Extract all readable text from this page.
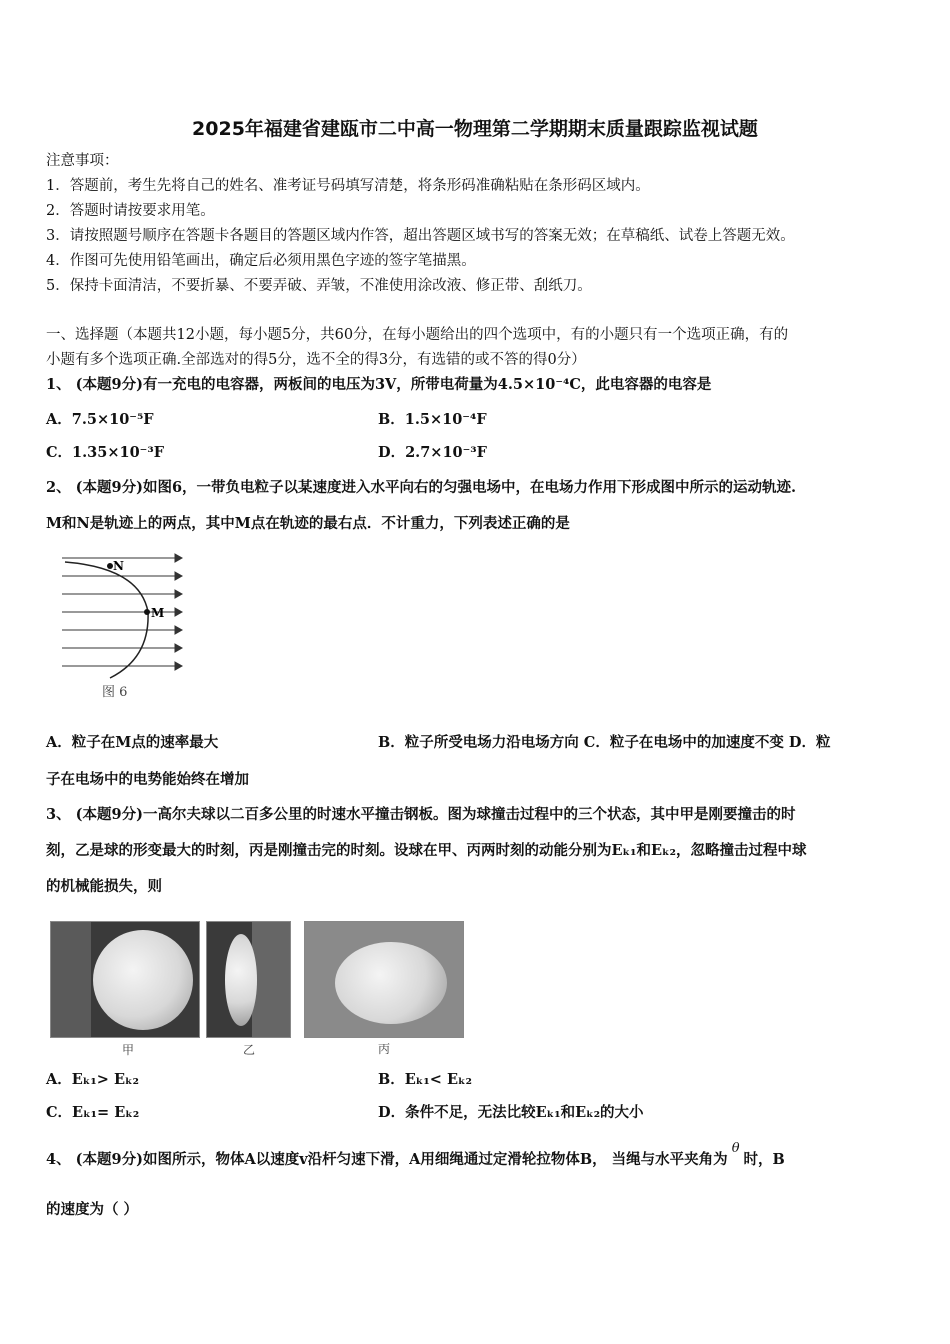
2025年福建省建瓯市二中高一物理第二学期期末质量跟踪监视试题
注意事项：
1．答题前，考生先将自己的姓名、准考证号码填写清楚，将条形码准确粘贴在条形码区域内。
2．答题时请按要求用笔。
3．请按照题号顺序在答题卡各题目的答题区域内作答，超出答题区域书写的答案无效；在草稿纸、试卷上答题无效。
4．作图可先使用铅笔画出，确定后必须用黑色字迹的签字笔描黑。
5．保持卡面清洁，不要折暴、不要弄破、弄皱，不准使用涂改液、修正带、刮纸刀。
一、选择题（本题共12小题，每小题5分，共60分，在每小题给出的四个选项中，有的小题只有一个选项正确，有的
小题有多个选项正确.全部选对的得5分，选不全的得3分，有选错的或不答的得0分）
1、 (本题9分)有一充电的电容器，两板间的电压为3V，所带电荷量为4.5×10⁻⁴C，此电容器的电容是
A．7.5×10⁻⁵F	B．1.5×10⁻⁴F
C．1.35×10⁻³F	D．2.7×10⁻³F
2、 (本题9分)如图6，一带负电粒子以某速度进入水平向右的匀强电场中，在电场力作用下形成图中所示的运动轨迹.
M和N是轨迹上的两点，其中M点在轨迹的最右点．不计重力，下列表述正确的是
N
M
图 6
A．粒子在M点的速率最大	B．粒子所受电场力沿电场方向 C．粒子在电场中的加速度不变 D．粒
子在电场中的电势能始终在增加
3、 (本题9分)一高尔夫球以二百多公里的时速水平撞击钢板。图为球撞击过程中的三个状态，其中甲是刚要撞击的时
刻，乙是球的形变最大的时刻，丙是刚撞击完的时刻。设球在甲、丙两时刻的动能分别为Eₖ₁和Eₖ₂，忽略撞击过程中球
的机械能损失，则
甲	乙	丙
A．Eₖ₁> Eₖ₂	B．Eₖ₁< Eₖ₂
C．Eₖ₁= Eₖ₂	D．条件不足，无法比较Eₖ₁和Eₖ₂的大小
4、 (本题9分)如图所示，物体A以速度v沿杆匀速下滑，A用细绳通过定滑轮拉物体B， 当绳与水平夹角为θ时，B
的速度为（ ）
